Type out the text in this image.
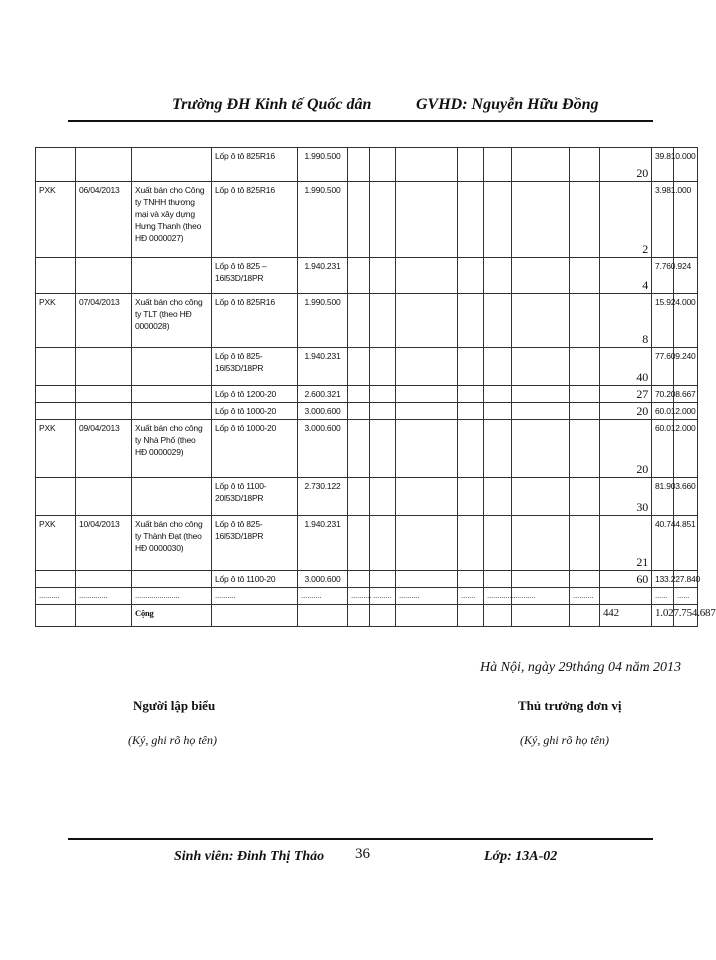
Trường ĐH Kinh tế Quốc dân	GVHD: Nguyễn Hữu Đồng
			Lốp ô tô 825R16	1.990.500								20	39.810.000	
PXK	06/04/2013	Xuất bán cho Công ty TNHH thương mại và xây dựng Hưng Thanh (theo HĐ 0000027)	Lốp ô tô 825R16	1.990.500								2	3.981.000	
			Lốp ô tô 825 – 16l53D/18PR	1.940.231								4	7.760.924	
PXK	07/04/2013	Xuất bán cho công ty TLT (theo HĐ 0000028)	Lốp ô tô 825R16	1.990.500								8	15.924.000	
			Lốp ô tô 825-16l53D/18PR	1.940.231								40	77.609.240	
			Lốp ô tô 1200-20	2.600.321								27	70.208.667	
			Lốp ô tô 1000-20	3.000.600								20	60.012.000	
PXK	09/04/2013	Xuất bán cho công ty Nhà Phố (theo HĐ 0000029)	Lốp ô tô 1000-20	3.000.600								20	60.012.000	
			Lốp ô tô 1100-20l53D/18PR	2.730.122								30	81.903.660	
PXK	10/04/2013	Xuất bán cho công ty Thành Đạt (theo HĐ 0000030)	Lốp ô tô 825-16l53D/18PR	1.940.231								21	40.744.851	
			Lốp ô tô 1100-20	3.000.600								60	133.227.840	
..........	..............	......................	..........	..........	..........	.........	..........	.......	..............	..........	..........		......	......
		Cộng										442	1.027.754.687	
Hà Nội, ngày 29tháng 04 năm 2013
Người lập biểu
(Ký, ghi rõ họ tên)
Thủ trưởng đơn vị
(Ký, ghi rõ họ tên)
Sinh viên: Đinh Thị Thảo 36	Lớp: 13A-02
